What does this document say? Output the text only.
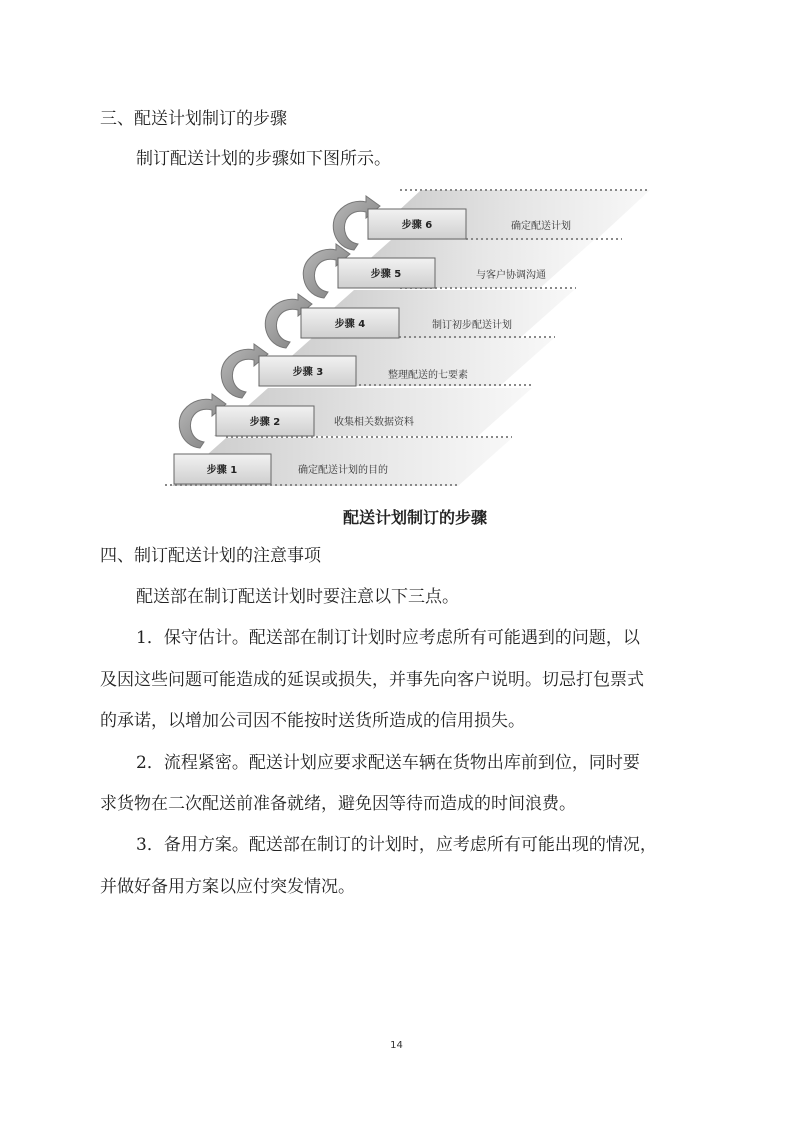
三、配送计划制订的步骤
制订配送计划的步骤如下图所示。
步骤 1	确定配送计划的目的
步骤 2	收集相关数据资料
步骤 3	整理配送的七要素
步骤 4	制订初步配送计划
步骤 5	与客户协调沟通
步骤 6	确定配送计划
配送计划制订的步骤
四、制订配送计划的注意事项
配送部在制订配送计划时要注意以下三点。
1．保守估计。配送部在制订计划时应考虑所有可能遇到的问题，以
及因这些问题可能造成的延误或损失，并事先向客户说明。切忌打包票式
的承诺，以增加公司因不能按时送货所造成的信用损失。
2．流程紧密。配送计划应要求配送车辆在货物出库前到位，同时要
求货物在二次配送前准备就绪，避免因等待而造成的时间浪费。
3．备用方案。配送部在制订的计划时，应考虑所有可能出现的情况，
并做好备用方案以应付突发情况。
14
